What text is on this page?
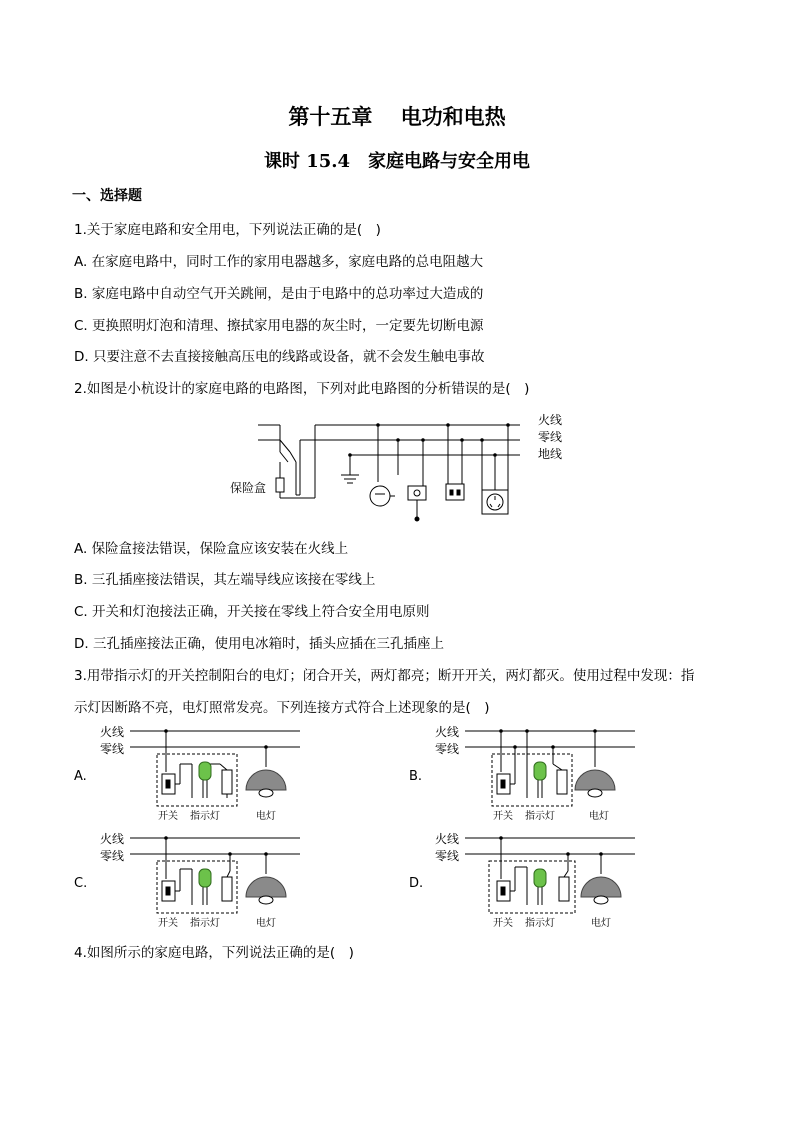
第十五章　 电功和电热
课时 15.4　家庭电路与安全用电
一、选择题
1.关于家庭电路和安全用电，下列说法正确的是(　)
A. 在家庭电路中，同时工作的家用电器越多，家庭电路的总电阻越大
B. 家庭电路中自动空气开关跳闸，是由于电路中的总功率过大造成的
C. 更换照明灯泡和清理、擦拭家用电器的灰尘时，一定要先切断电源
D. 只要注意不去直接接触高压电的线路或设备，就不会发生触电事故
2.如图是小杭设计的家庭电路的电路图，下列对此电路图的分析错误的是(　)
火线
零线
地线
保险盒
A. 保险盒接法错误，保险盒应该安装在火线上
B. 三孔插座接法错误，其左端导线应该接在零线上
C. 开关和灯泡接法正确，开关接在零线上符合安全用电原则
D. 三孔插座接法正确，使用电冰箱时，插头应插在三孔插座上
3.用带指示灯的开关控制阳台的电灯；闭合开关，两灯都亮；断开开关，两灯都灭。使用过程中发现：指
示灯因断路不亮，电灯照常发亮。下列连接方式符合上述现象的是(　)
A.
火线
零线
开关 指示灯	电灯
B.
火线
零线
开关 指示灯	电灯
C.
火线
零线
开关 指示灯	电灯
D.
火线
零线
开关 指示灯	电灯
4.如图所示的家庭电路，下列说法正确的是(　)
